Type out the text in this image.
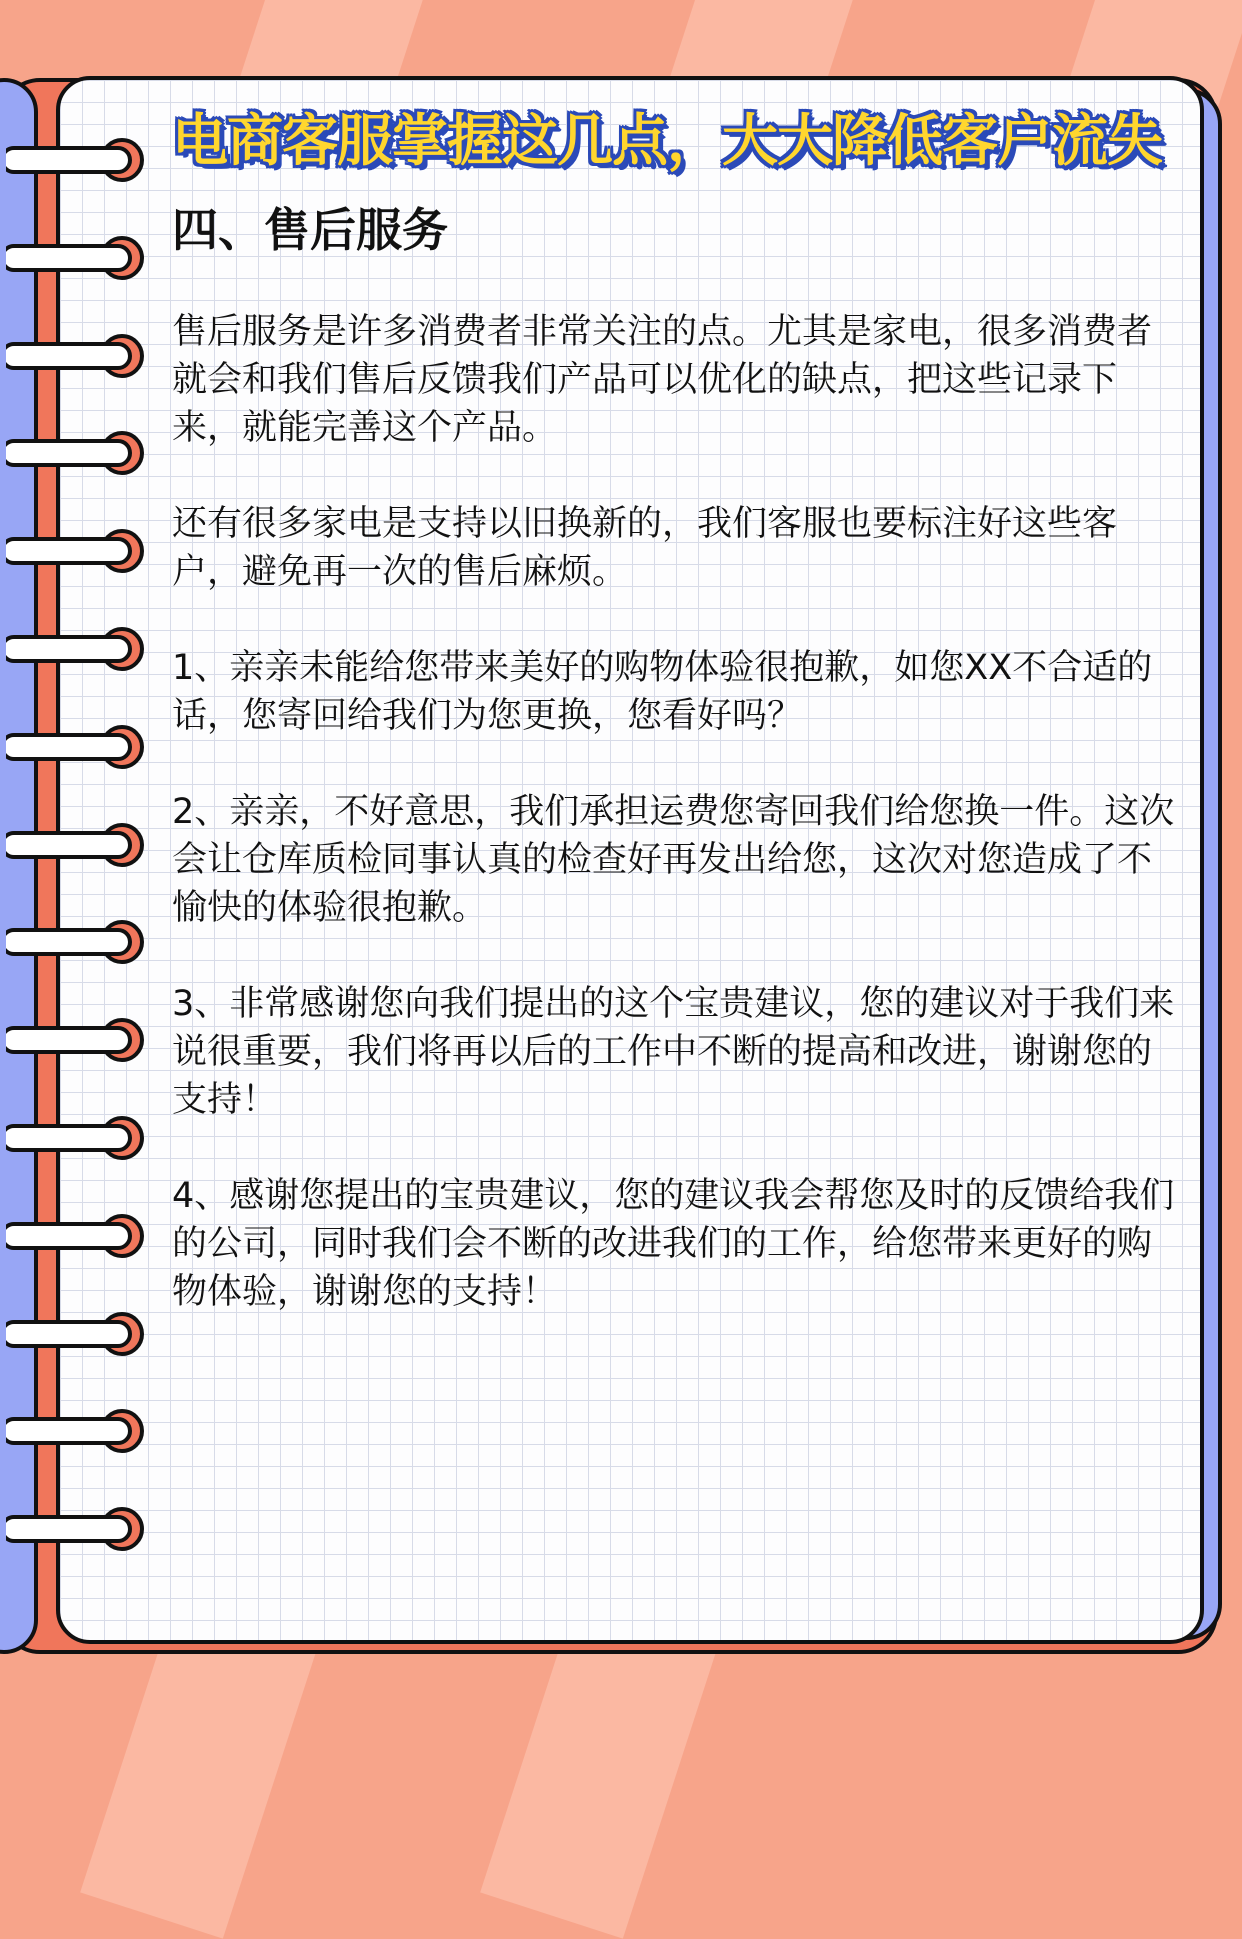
电商客服掌握这几点，大大降低客户流失
四、售后服务

售后服务是许多消费者非常关注的点。尤其是家电，很多消费者就会和我们售后反馈我们产品可以优化的缺点，把这些记录下来，就能完善这个产品。

还有很多家电是支持以旧换新的，我们客服也要标注好这些客户，避免再一次的售后麻烦。

1、亲亲未能给您带来美好的购物体验很抱歉，如您XX不合适的话，您寄回给我们为您更换，您看好吗？

2、亲亲，不好意思，我们承担运费您寄回我们给您换一件。这次会让仓库质检同事认真的检查好再发出给您，这次对您造成了不愉快的体验很抱歉。

3、非常感谢您向我们提出的这个宝贵建议，您的建议对于我们来说很重要，我们将再以后的工作中不断的提高和改进，谢谢您的支持！

4、感谢您提出的宝贵建议，您的建议我会帮您及时的反馈给我们的公司，同时我们会不断的改进我们的工作，给您带来更好的购物体验，谢谢您的支持！
